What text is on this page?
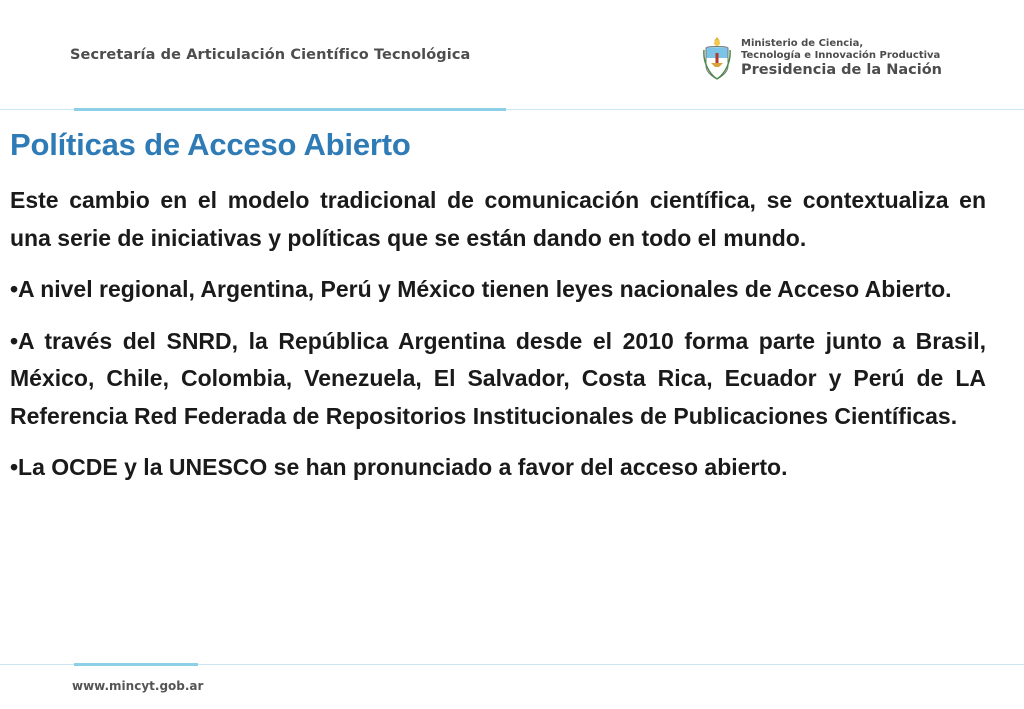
Secretaría de Articulación Científico Tecnológica
Ministerio de Ciencia,
Tecnología e Innovación Productiva
Presidencia de la Nación
Políticas de Acceso Abierto

Este cambio en el modelo tradicional de comunicación científica, se contextualiza en una serie de iniciativas y políticas que se están dando en todo el mundo.

•A nivel regional, Argentina, Perú y México tienen leyes nacionales de Acceso Abierto.

•A través del SNRD, la República Argentina desde el 2010 forma parte junto a Brasil, México, Chile, Colombia, Venezuela, El Salvador, Costa Rica, Ecuador y Perú de LA Referencia Red Federada de Repositorios Institucionales de Publicaciones Científicas.

•La OCDE y la UNESCO se han pronunciado a favor del acceso abierto.

www.mincyt.gob.ar
